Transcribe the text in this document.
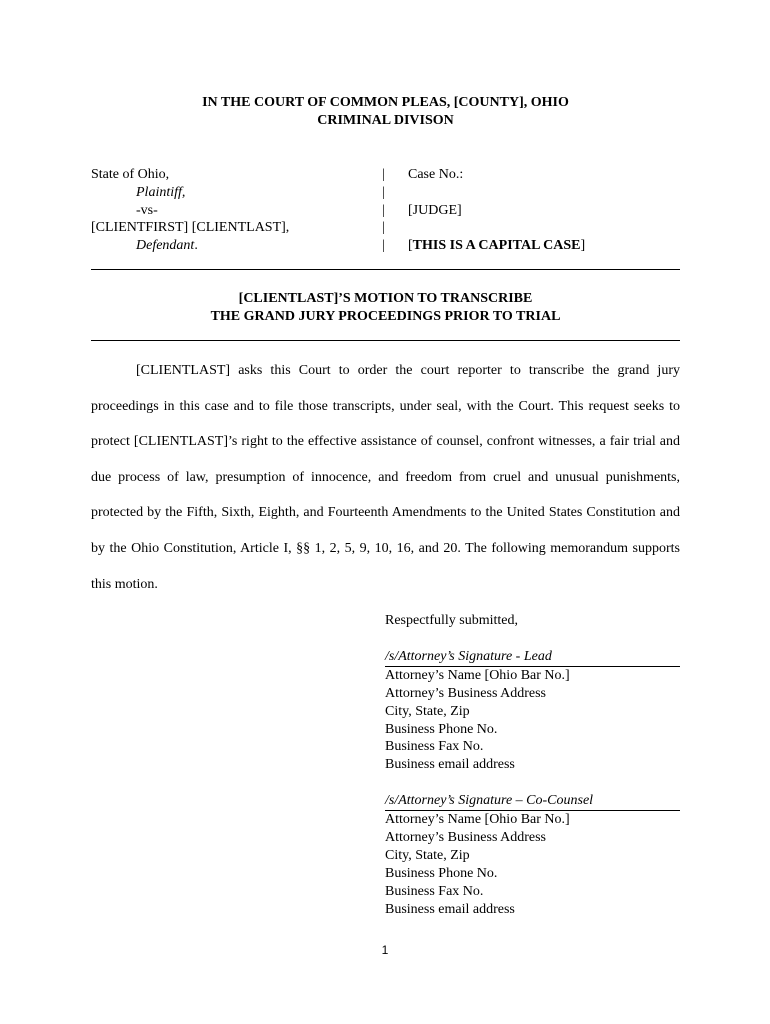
IN THE COURT OF COMMON PLEAS, [COUNTY], OHIO
CRIMINAL DIVISON
State of Ohio,
Plaintiff,
-vs-
[CLIENTFIRST] [CLIENTLAST],
Defendant.
|
|
|
|
|
Case No.:

[JUDGE]

[THIS IS A CAPITAL CASE]
[CLIENTLAST]’S MOTION TO TRANSCRIBE
THE GRAND JURY PROCEEDINGS PRIOR TO TRIAL
[CLIENTLAST] asks this Court to order the court reporter to transcribe the grand jury proceedings in this case and to file those transcripts, under seal, with the Court. This request seeks to protect [CLIENTLAST]’s right to the effective assistance of counsel, confront witnesses, a fair trial and due process of law, presumption of innocence, and freedom from cruel and unusual punishments, protected by the Fifth, Sixth, Eighth, and Fourteenth Amendments to the United States Constitution and by the Ohio Constitution, Article I, §§ 1, 2, 5, 9, 10, 16, and 20. The following memorandum supports this motion.
Respectfully submitted,
/s/Attorney’s Signature - Lead
Attorney’s Name [Ohio Bar No.]
Attorney’s Business Address
City, State, Zip
Business Phone No.
Business Fax No.
Business email address
/s/Attorney’s Signature – Co-Counsel
Attorney’s Name [Ohio Bar No.]
Attorney’s Business Address
City, State, Zip
Business Phone No.
Business Fax No.
Business email address
1
